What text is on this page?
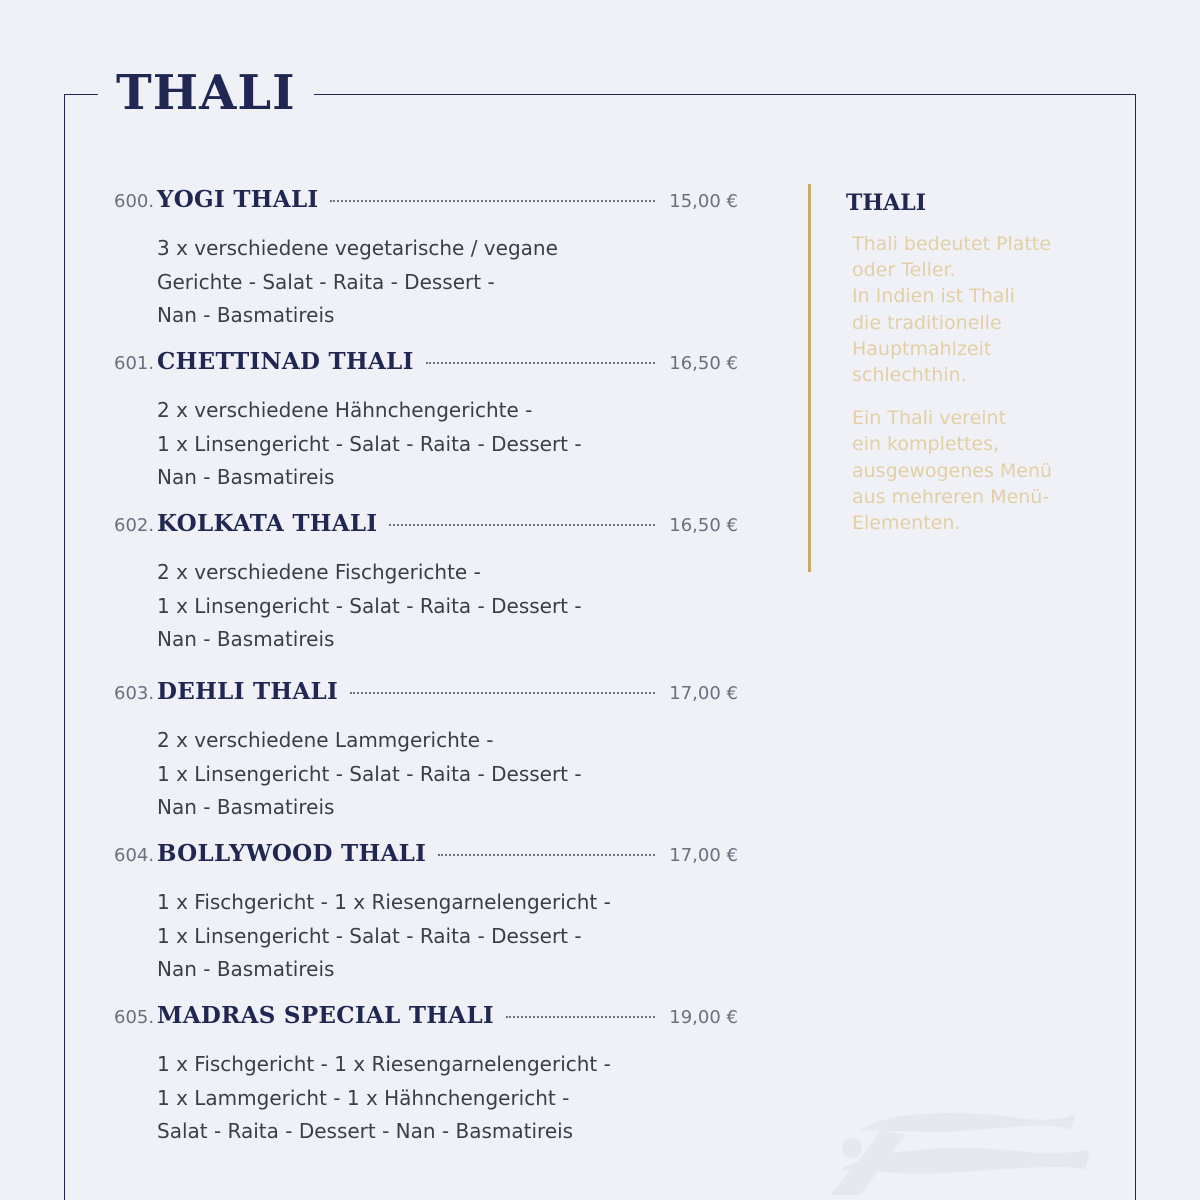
THALI
600. YOGI THALI	15,00 €
3 x verschiedene vegetarische / vegane
Gerichte - Salat - Raita - Dessert -
Nan - Basmatireis
601. CHETTINAD THALI	16,50 €
2 x verschiedene Hähnchengerichte -
1 x Linsengericht - Salat - Raita - Dessert -
Nan - Basmatireis
602. KOLKATA THALI	16,50 €
2 x verschiedene Fischgerichte -
1 x Linsengericht - Salat - Raita - Dessert -
Nan - Basmatireis
603. DEHLI THALI	17,00 €
2 x verschiedene Lammgerichte -
1 x Linsengericht - Salat - Raita - Dessert -
Nan - Basmatireis
604. BOLLYWOOD THALI	17,00 €
1 x Fischgericht - 1 x Riesengarnelengericht -
1 x Linsengericht - Salat - Raita - Dessert -
Nan - Basmatireis
605. MADRAS SPECIAL THALI	19,00 €
1 x Fischgericht - 1 x Riesengarnelengericht -
1 x Lammgericht - 1 x Hähnchengericht -
Salat - Raita - Dessert - Nan - Basmatireis
THALI

Thali bedeutet Platte
oder Teller.
In Indien ist Thali
die traditionelle
Hauptmahlzeit
schlechthin.

Ein Thali vereint
ein komplettes,
ausgewogenes Menü
aus mehreren Menü-
Elementen.
